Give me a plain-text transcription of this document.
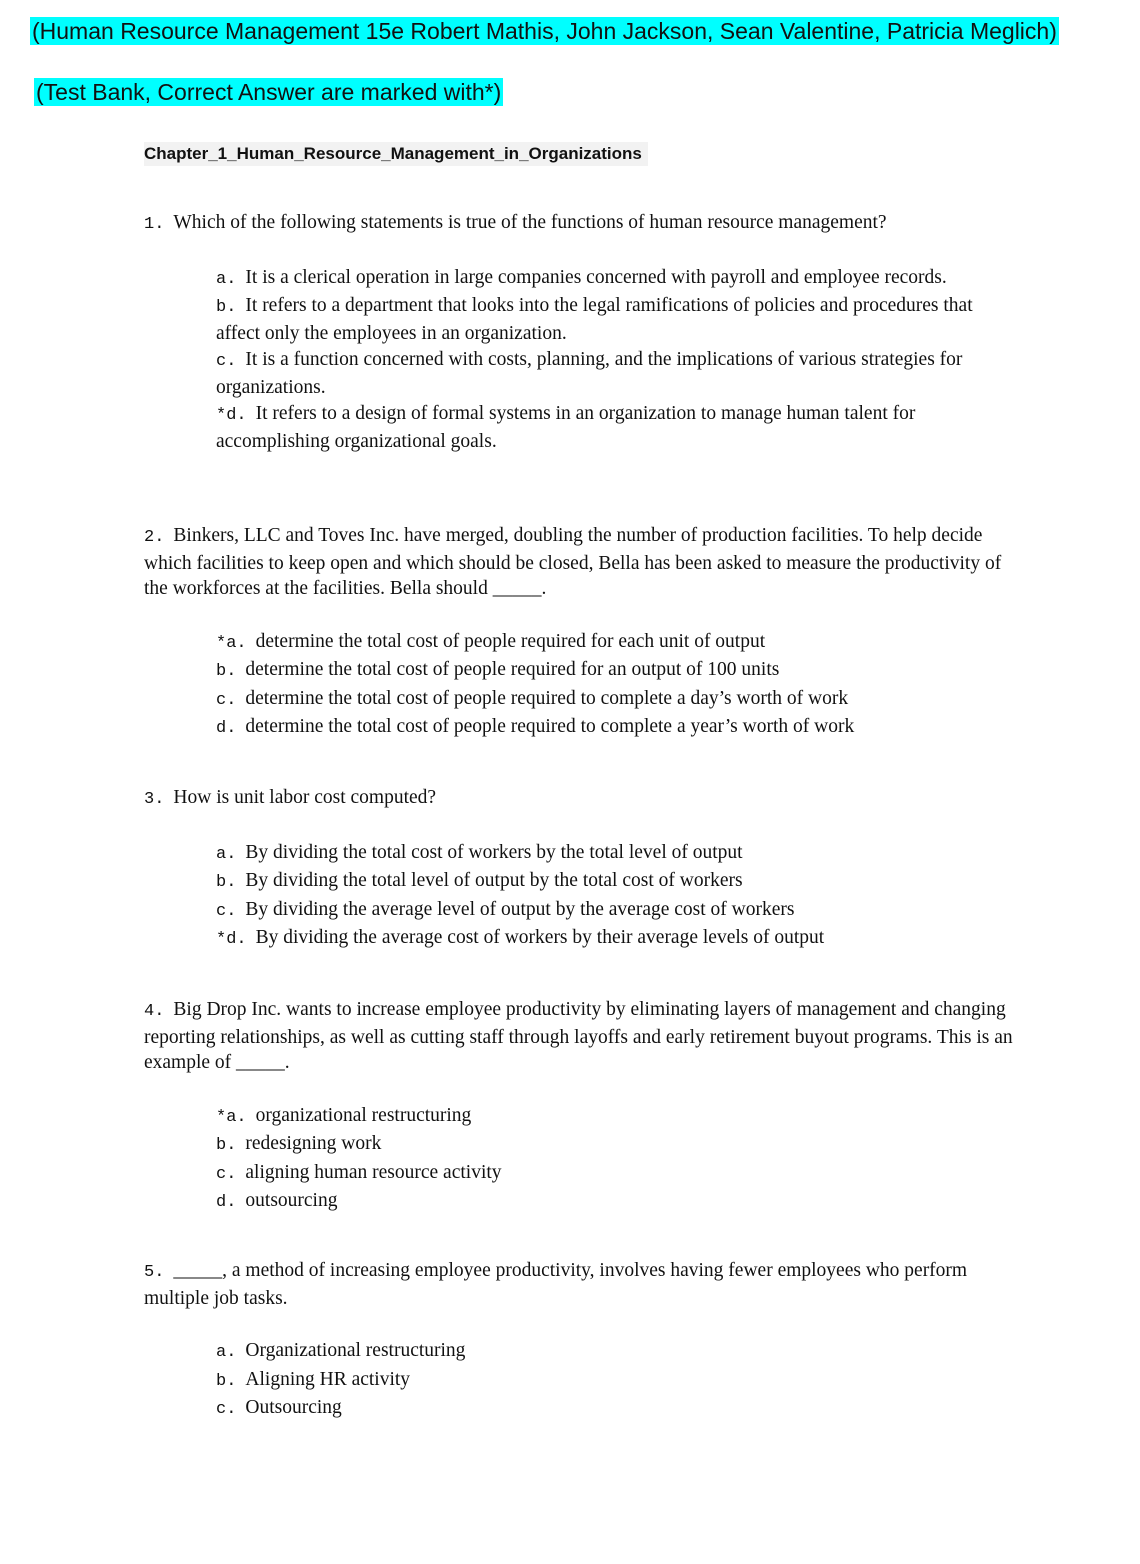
(Human Resource Management 15e Robert Mathis, John Jackson, Sean Valentine, Patricia Meglich)
(Test Bank, Correct Answer are marked with*)
Chapter_1_Human_Resource_Management_in_Organizations

1. Which of the following statements is true of the functions of human resource management?

a. It is a clerical operation in large companies concerned with payroll and employee records.
b. It refers to a department that looks into the legal ramifications of policies and procedures that affect only the employees in an organization.
c. It is a function concerned with costs, planning, and the implications of various strategies for organizations.
*d. It refers to a design of formal systems in an organization to manage human talent for accomplishing organizational goals.

2. Binkers, LLC and Toves Inc. have merged, doubling the number of production facilities. To help decide which facilities to keep open and which should be closed, Bella has been asked to measure the productivity of the workforces at the facilities. Bella should _____.

*a. determine the total cost of people required for each unit of output
b. determine the total cost of people required for an output of 100 units
c. determine the total cost of people required to complete a day’s worth of work
d. determine the total cost of people required to complete a year’s worth of work

3. How is unit labor cost computed?

a. By dividing the total cost of workers by the total level of output
b. By dividing the total level of output by the total cost of workers
c. By dividing the average level of output by the average cost of workers
*d. By dividing the average cost of workers by their average levels of output

4. Big Drop Inc. wants to increase employee productivity by eliminating layers of management and changing reporting relationships, as well as cutting staff through layoffs and early retirement buyout programs. This is an example of _____.

*a. organizational restructuring
b. redesigning work
c. aligning human resource activity
d. outsourcing

5. _____, a method of increasing employee productivity, involves having fewer employees who perform multiple job tasks.

a. Organizational restructuring
b. Aligning HR activity
c. Outsourcing
